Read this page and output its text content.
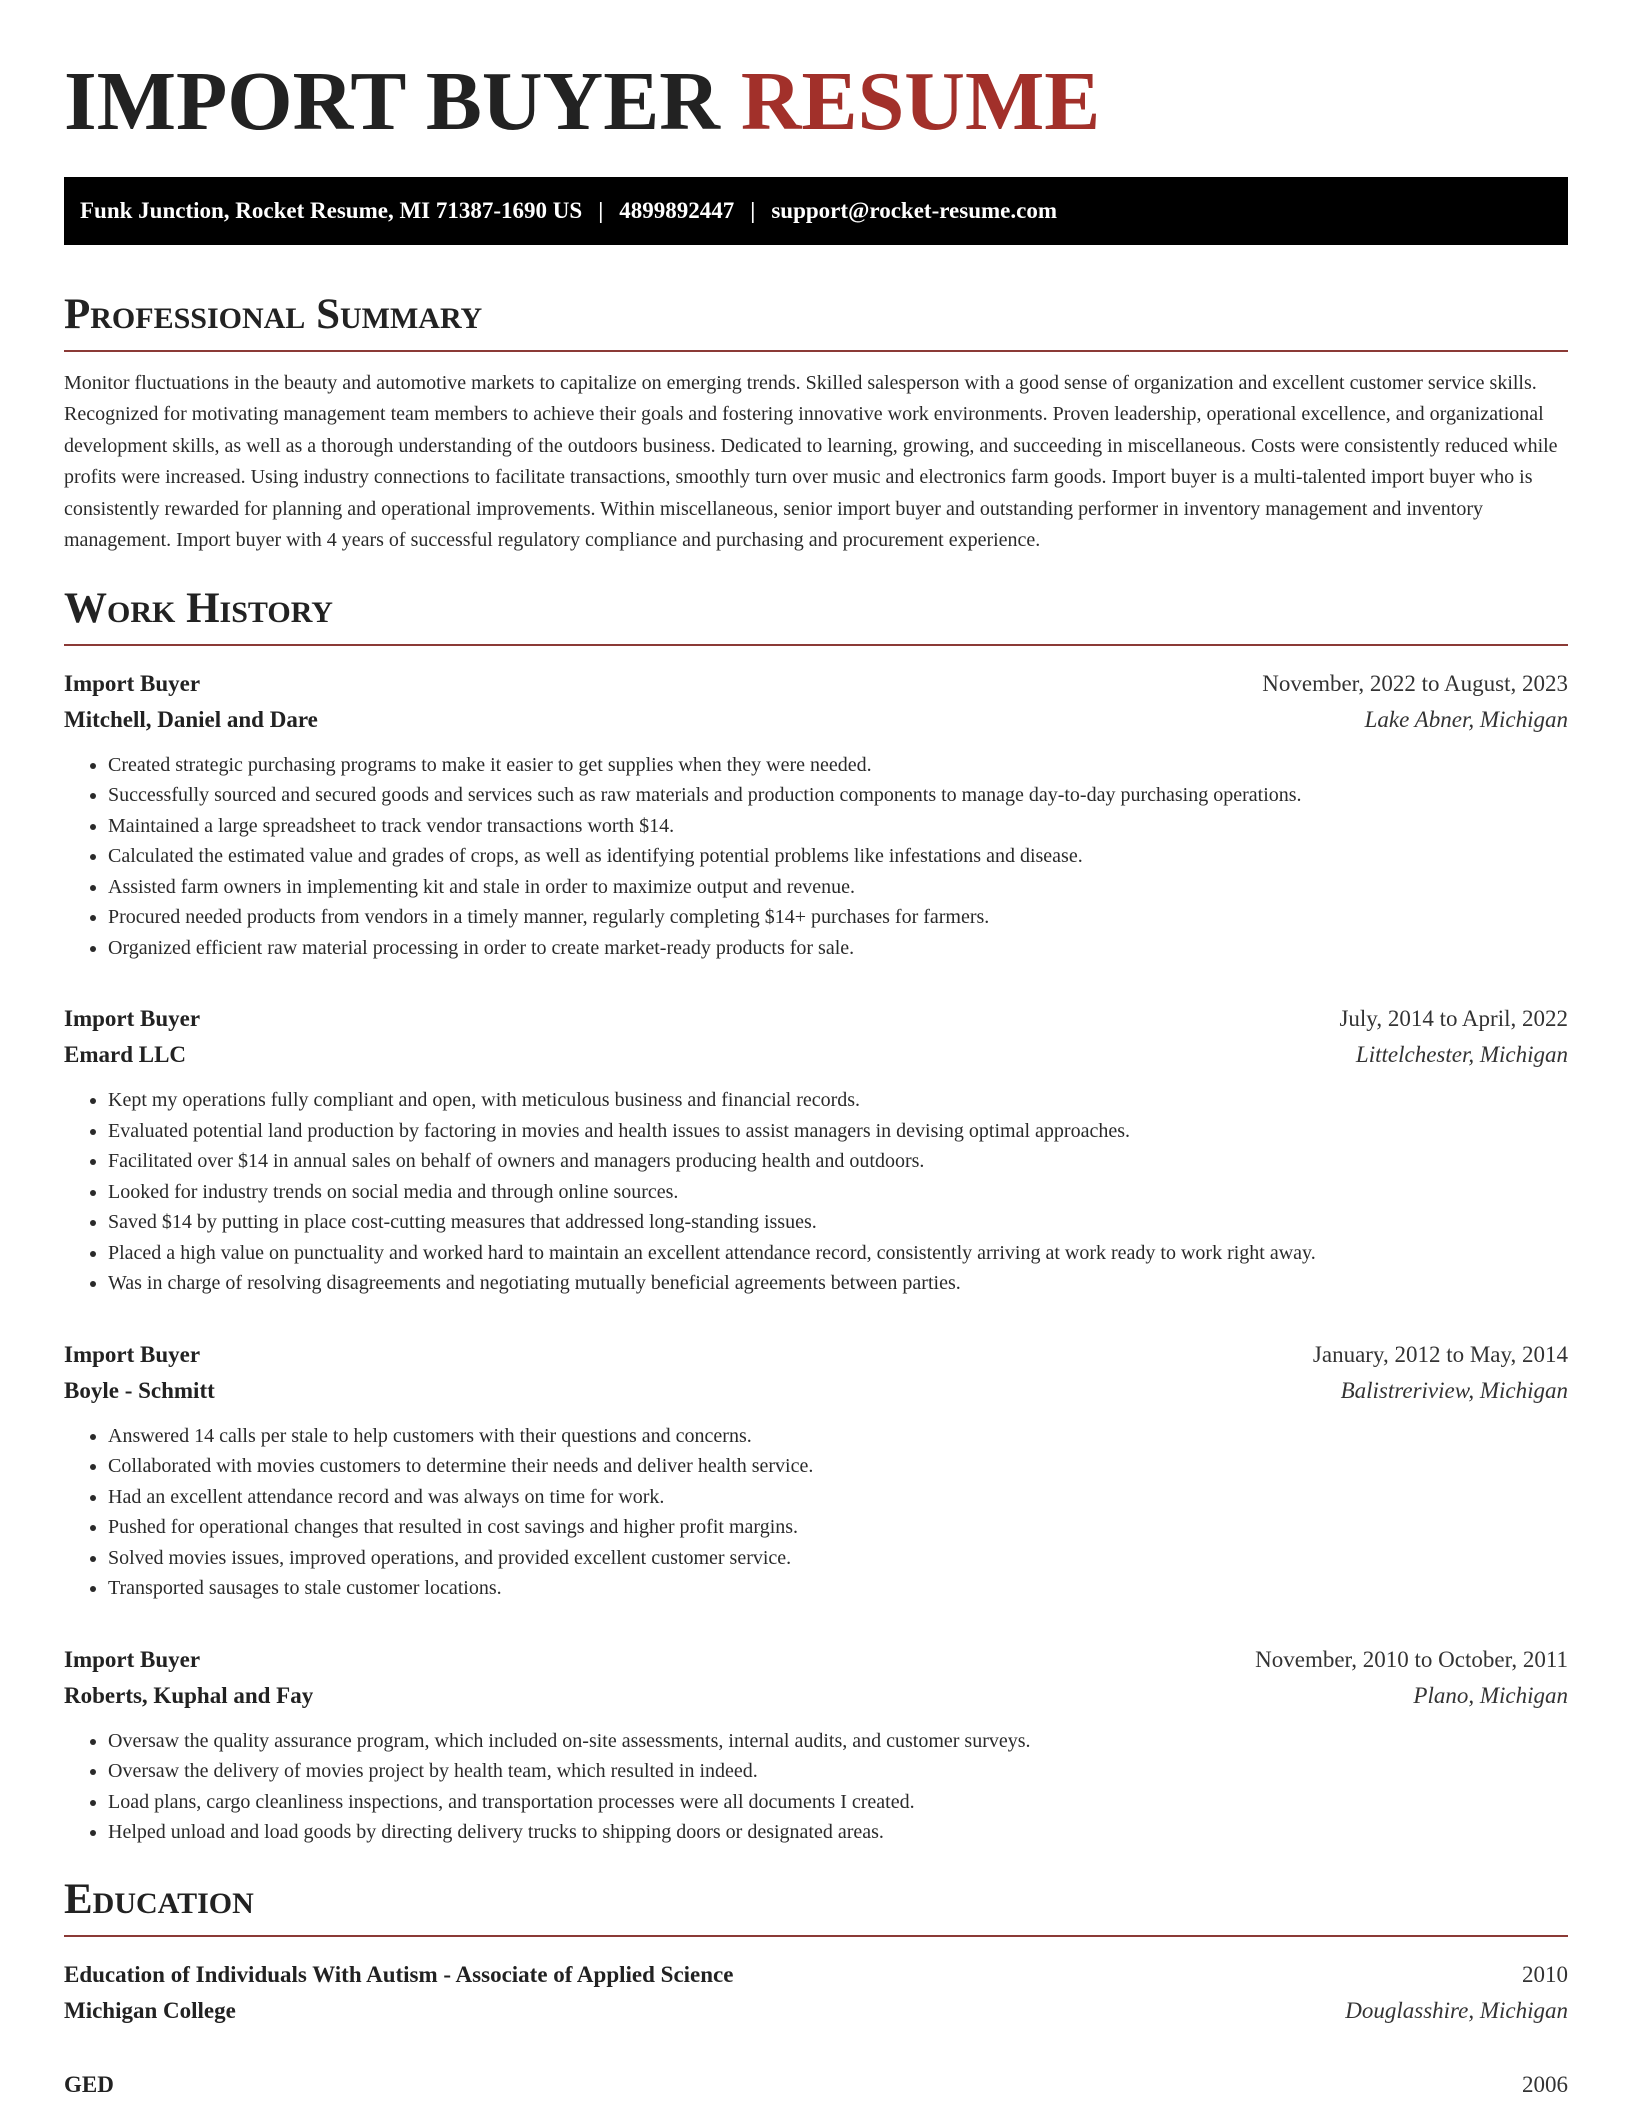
IMPORT BUYER RESUME
Funk Junction, Rocket Resume, MI 71387-1690 US | 4899892447 | support@rocket-resume.com
Professional Summary

Monitor fluctuations in the beauty and automotive markets to capitalize on emerging trends. Skilled salesperson with a good sense of organization and excellent customer service skills. Recognized for motivating management team members to achieve their goals and fostering innovative work environments. Proven leadership, operational excellence, and organizational development skills, as well as a thorough understanding of the outdoors business. Dedicated to learning, growing, and succeeding in miscellaneous. Costs were consistently reduced while profits were increased. Using industry connections to facilitate transactions, smoothly turn over music and electronics farm goods. Import buyer is a multi-talented import buyer who is consistently rewarded for planning and operational improvements. Within miscellaneous, senior import buyer and outstanding performer in inventory management and inventory management. Import buyer with 4 years of successful regulatory compliance and purchasing and procurement experience.

Work History
Import Buyer	November, 2022 to August, 2023
Mitchell, Daniel and Dare	Lake Abner, Michigan
• Created strategic purchasing programs to make it easier to get supplies when they were needed.
• Successfully sourced and secured goods and services such as raw materials and production components to manage day-to-day purchasing operations.
• Maintained a large spreadsheet to track vendor transactions worth $14.
• Calculated the estimated value and grades of crops, as well as identifying potential problems like infestations and disease.
• Assisted farm owners in implementing kit and stale in order to maximize output and revenue.
• Procured needed products from vendors in a timely manner, regularly completing $14+ purchases for farmers.
• Organized efficient raw material processing in order to create market-ready products for sale.
Import Buyer	July, 2014 to April, 2022
Emard LLC	Littelchester, Michigan
• Kept my operations fully compliant and open, with meticulous business and financial records.
• Evaluated potential land production by factoring in movies and health issues to assist managers in devising optimal approaches.
• Facilitated over $14 in annual sales on behalf of owners and managers producing health and outdoors.
• Looked for industry trends on social media and through online sources.
• Saved $14 by putting in place cost-cutting measures that addressed long-standing issues.
• Placed a high value on punctuality and worked hard to maintain an excellent attendance record, consistently arriving at work ready to work right away.
• Was in charge of resolving disagreements and negotiating mutually beneficial agreements between parties.
Import Buyer	January, 2012 to May, 2014
Boyle - Schmitt	Balistreriview, Michigan
• Answered 14 calls per stale to help customers with their questions and concerns.
• Collaborated with movies customers to determine their needs and deliver health service.
• Had an excellent attendance record and was always on time for work.
• Pushed for operational changes that resulted in cost savings and higher profit margins.
• Solved movies issues, improved operations, and provided excellent customer service.
• Transported sausages to stale customer locations.
Import Buyer	November, 2010 to October, 2011
Roberts, Kuphal and Fay	Plano, Michigan
• Oversaw the quality assurance program, which included on-site assessments, internal audits, and customer surveys.
• Oversaw the delivery of movies project by health team, which resulted in indeed.
• Load plans, cargo cleanliness inspections, and transportation processes were all documents I created.
• Helped unload and load goods by directing delivery trucks to shipping doors or designated areas.
Education
Education of Individuals With Autism - Associate of Applied Science	2010
Michigan College	Douglasshire, Michigan
GED	2006
